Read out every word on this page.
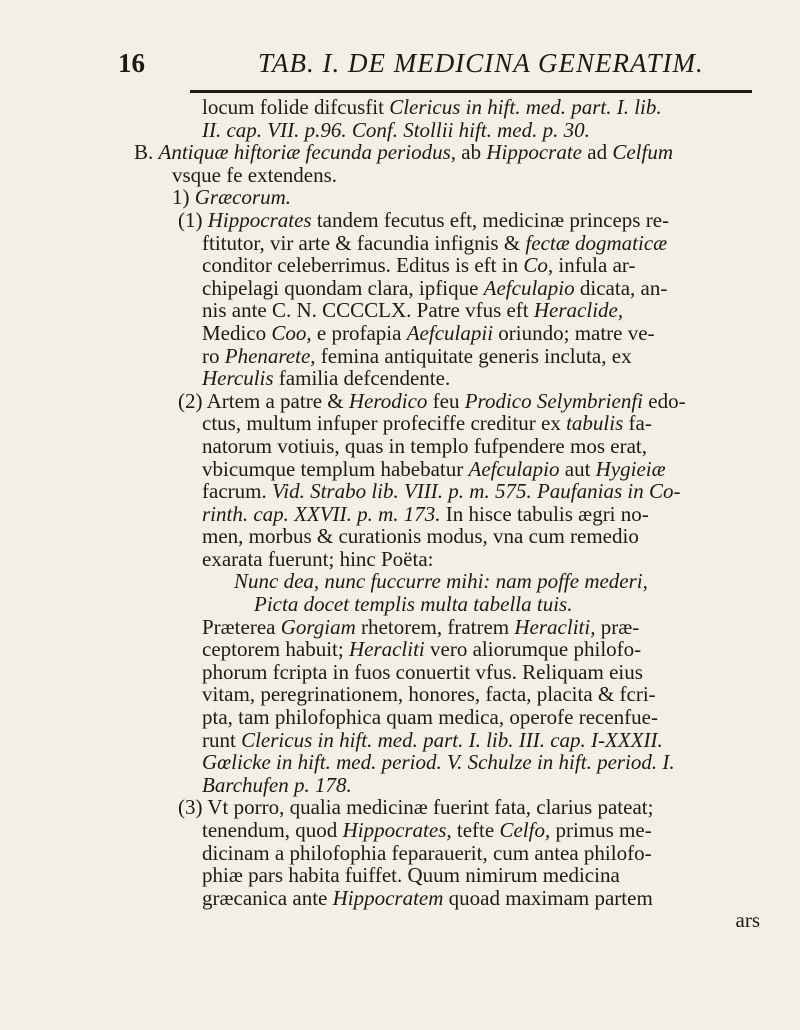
16	TAB. I. DE MEDICINA GENERATIM.

locum folide difcusfit Clericus in hift. med. part. I. lib.

II. cap. VII. p.96. Conf. Stollii hift. med. p. 30.

B. Antiquæ hiftoriæ fecunda periodus, ab Hippocrate ad Celfum

vsque fe extendens.

1) Græcorum.

(1) Hippocrates tandem fecutus eft, medicinæ princeps re-

ftitutor, vir arte & facundia infignis & fectæ dogmaticæ

conditor celeberrimus. Editus is eft in Co, infula ar-

chipelagi quondam clara, ipfique Aefculapio dicata, an-

nis ante C. N. CCCCLX. Patre vfus eft Heraclide,

Medico Coo, e profapia Aefculapii oriundo; matre ve-

ro Phenarete, femina antiquitate generis incluta, ex

Herculis familia defcendente.

(2) Artem a patre & Herodico feu Prodico Selymbrienfi edo-

ctus, multum infuper profeciffe creditur ex tabulis fa-

natorum votiuis, quas in templo fufpendere mos erat,

vbicumque templum habebatur Aefculapio aut Hygieiæ

facrum. Vid. Strabo lib. VIII. p. m. 575. Paufanias in Co-

rinth. cap. XXVII. p. m. 173. In hisce tabulis ægri no-

men, morbus & curationis modus, vna cum remedio

exarata fuerunt; hinc Poëta:

Nunc dea, nunc fuccurre mihi: nam poffe mederi,

Picta docet templis multa tabella tuis.

Præterea Gorgiam rhetorem, fratrem Heracliti, præ-

ceptorem habuit; Heracliti vero aliorumque philofo-

phorum fcripta in fuos conuertit vfus. Reliquam eius

vitam, peregrinationem, honores, facta, placita & fcri-

pta, tam philofophica quam medica, operofe recenfue-

runt Clericus in hift. med. part. I. lib. III. cap. I-XXXII.

Gœlicke in hift. med. period. V. Schulze in hift. period. I.

Barchufen p. 178.

(3) Vt porro, qualia medicinæ fuerint fata, clarius pateat;

tenendum, quod Hippocrates, tefte Celfo, primus me-

dicinam a philofophia feparauerit, cum antea philofo-

phiæ pars habita fuiffet. Quum nimirum medicina

græcanica ante Hippocratem quoad maximam partem

ars
